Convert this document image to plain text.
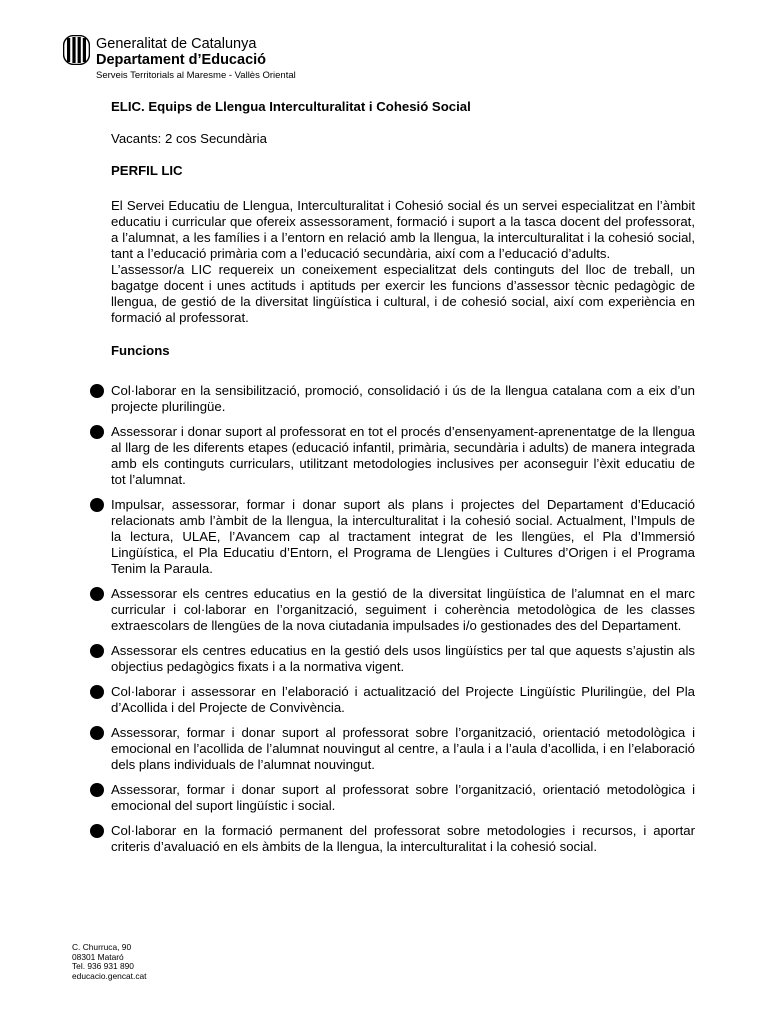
Generalitat de Catalunya
Departament d’Educació
Serveis Territorials al Maresme - Vallès Oriental

ELIC. Equips de Llengua Interculturalitat i Cohesió Social

Vacants: 2 cos Secundària

PERFIL LIC

El Servei Educatiu de Llengua, Interculturalitat i Cohesió social és un servei especialitzat en l’àmbit educatiu i curricular que ofereix assessorament, formació i suport a la tasca docent del professorat, a l’alumnat, a les famílies i a l’entorn en relació amb la llengua, la interculturalitat i la cohesió social, tant a l’educació primària com a l’educació secundària, així com a l’educació d’adults.

L’assessor/a LIC requereix un coneixement especialitzat dels continguts del lloc de treball, un bagatge docent i unes actituds i aptituds per exercir les funcions d’assessor tècnic pedagògic de llengua, de gestió de la diversitat lingüística i cultural, i de cohesió social, així com experiència en formació al professorat.

Funcions

Col·laborar en la sensibilització, promoció, consolidació i ús de la llengua catalana com a eix d’un projecte plurilingüe.
Assessorar i donar suport al professorat en tot el procés d’ensenyament-aprenentatge de la llengua al llarg de les diferents etapes (educació infantil, primària, secundària i adults) de manera integrada amb els continguts curriculars, utilitzant metodologies inclusives per aconseguir l’èxit educatiu de tot l’alumnat.
Impulsar, assessorar, formar i donar suport als plans i projectes del Departament d’Educació relacionats amb l’àmbit de la llengua, la interculturalitat i la cohesió social. Actualment, l’Impuls de la lectura, ULAE, l’Avancem cap al tractament integrat de les llengües, el Pla d’Immersió Lingüística, el Pla Educatiu d’Entorn, el Programa de Llengües i Cultures d’Origen i el Programa Tenim la Paraula.
Assessorar els centres educatius en la gestió de la diversitat lingüística de l’alumnat en el marc curricular i col·laborar en l’organització, seguiment i coherència metodològica de les classes extraescolars de llengües de la nova ciutadania impulsades i/o gestionades des del Departament.
Assessorar els centres educatius en la gestió dels usos lingüístics per tal que aquests s’ajustin als objectius pedagògics fixats i a la normativa vigent.
Col·laborar i assessorar en l’elaboració i actualització del Projecte Lingüístic Plurilingüe, del Pla d’Acollida i del Projecte de Convivència.
Assessorar, formar i donar suport al professorat sobre l’organització, orientació metodològica i emocional en l’acollida de l’alumnat nouvingut al centre, a l’aula i a l’aula d’acollida, i en l’elaboració dels plans individuals de l’alumnat nouvingut.
Assessorar, formar i donar suport al professorat sobre l’organització, orientació metodològica i emocional del suport lingüístic i social.
Col·laborar en la formació permanent del professorat sobre metodologies i recursos, i aportar criteris d’avaluació en els àmbits de la llengua, la interculturalitat i la cohesió social.
C. Churruca, 90
08301 Mataró
Tel. 936 931 890
educacio.gencat.cat
